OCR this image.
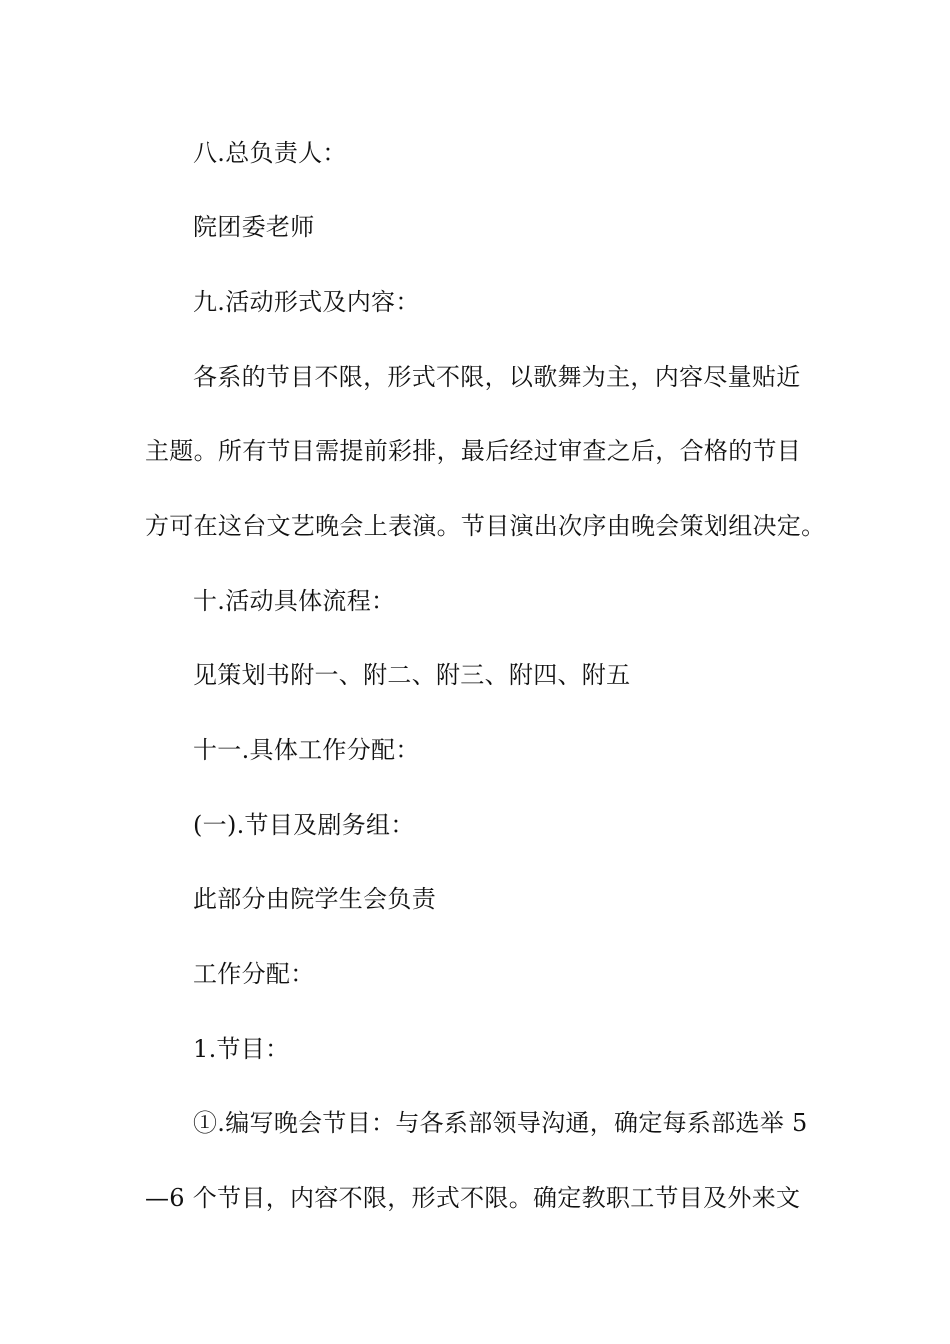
八.总负责人：
院团委老师
九.活动形式及内容：
各系的节目不限，形式不限，以歌舞为主，内容尽量贴近
主题。所有节目需提前彩排，最后经过审查之后，合格的节目
方可在这台文艺晚会上表演。节目演出次序由晚会策划组决定。
十.活动具体流程：
见策划书附一、附二、附三、附四、附五
十一.具体工作分配：
(一).节目及剧务组：
此部分由院学生会负责
工作分配：
1.节目：
①.编写晚会节目：与各系部领导沟通，确定每系部选举 5
—6 个节目，内容不限，形式不限。确定教职工节目及外来文
